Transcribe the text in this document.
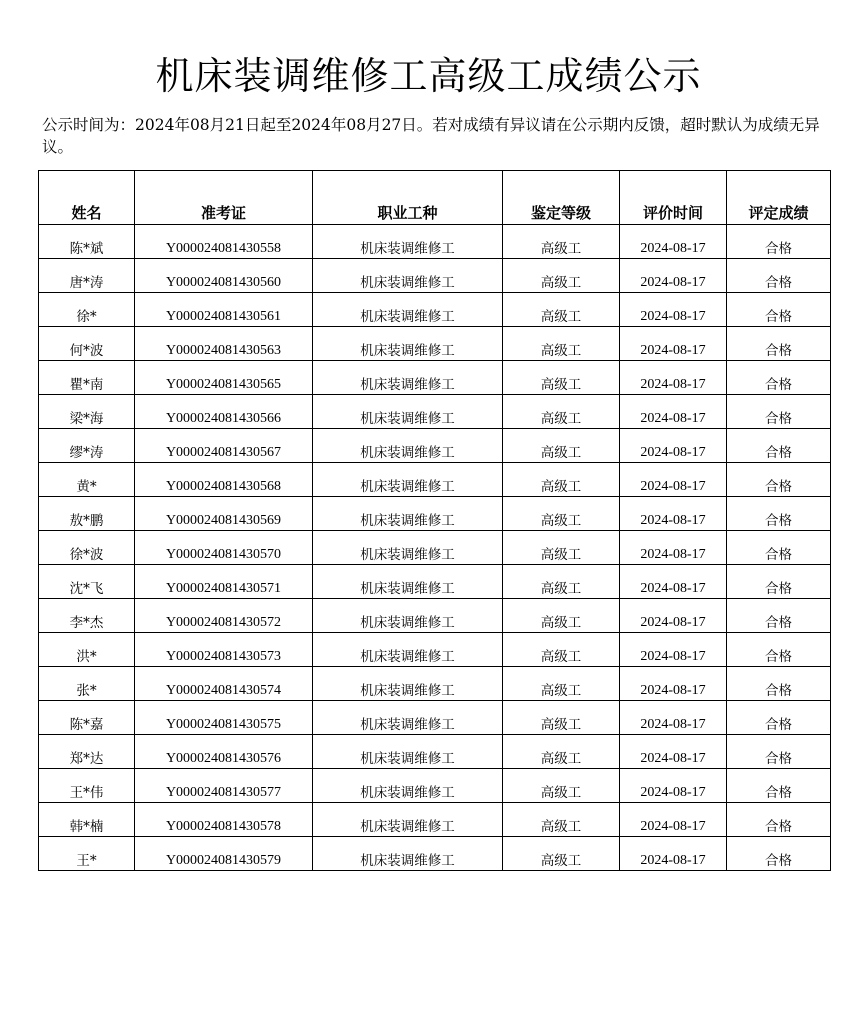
机床装调维修工高级工成绩公示
公示时间为：2024年08月21日起至2024年08月27日。若对成绩有异议请在公示期内反馈，超时默认为成绩无异议。
姓名	准考证	职业工种	鉴定等级	评价时间	评定成绩
陈*斌	Y000024081430558	机床装调维修工	高级工	2024-08-17	合格
唐*涛	Y000024081430560	机床装调维修工	高级工	2024-08-17	合格
徐*	Y000024081430561	机床装调维修工	高级工	2024-08-17	合格
何*波	Y000024081430563	机床装调维修工	高级工	2024-08-17	合格
瞿*南	Y000024081430565	机床装调维修工	高级工	2024-08-17	合格
梁*海	Y000024081430566	机床装调维修工	高级工	2024-08-17	合格
缪*涛	Y000024081430567	机床装调维修工	高级工	2024-08-17	合格
黄*	Y000024081430568	机床装调维修工	高级工	2024-08-17	合格
敖*鹏	Y000024081430569	机床装调维修工	高级工	2024-08-17	合格
徐*波	Y000024081430570	机床装调维修工	高级工	2024-08-17	合格
沈*飞	Y000024081430571	机床装调维修工	高级工	2024-08-17	合格
李*杰	Y000024081430572	机床装调维修工	高级工	2024-08-17	合格
洪*	Y000024081430573	机床装调维修工	高级工	2024-08-17	合格
张*	Y000024081430574	机床装调维修工	高级工	2024-08-17	合格
陈*嘉	Y000024081430575	机床装调维修工	高级工	2024-08-17	合格
郑*达	Y000024081430576	机床装调维修工	高级工	2024-08-17	合格
王*伟	Y000024081430577	机床装调维修工	高级工	2024-08-17	合格
韩*楠	Y000024081430578	机床装调维修工	高级工	2024-08-17	合格
王*	Y000024081430579	机床装调维修工	高级工	2024-08-17	合格
